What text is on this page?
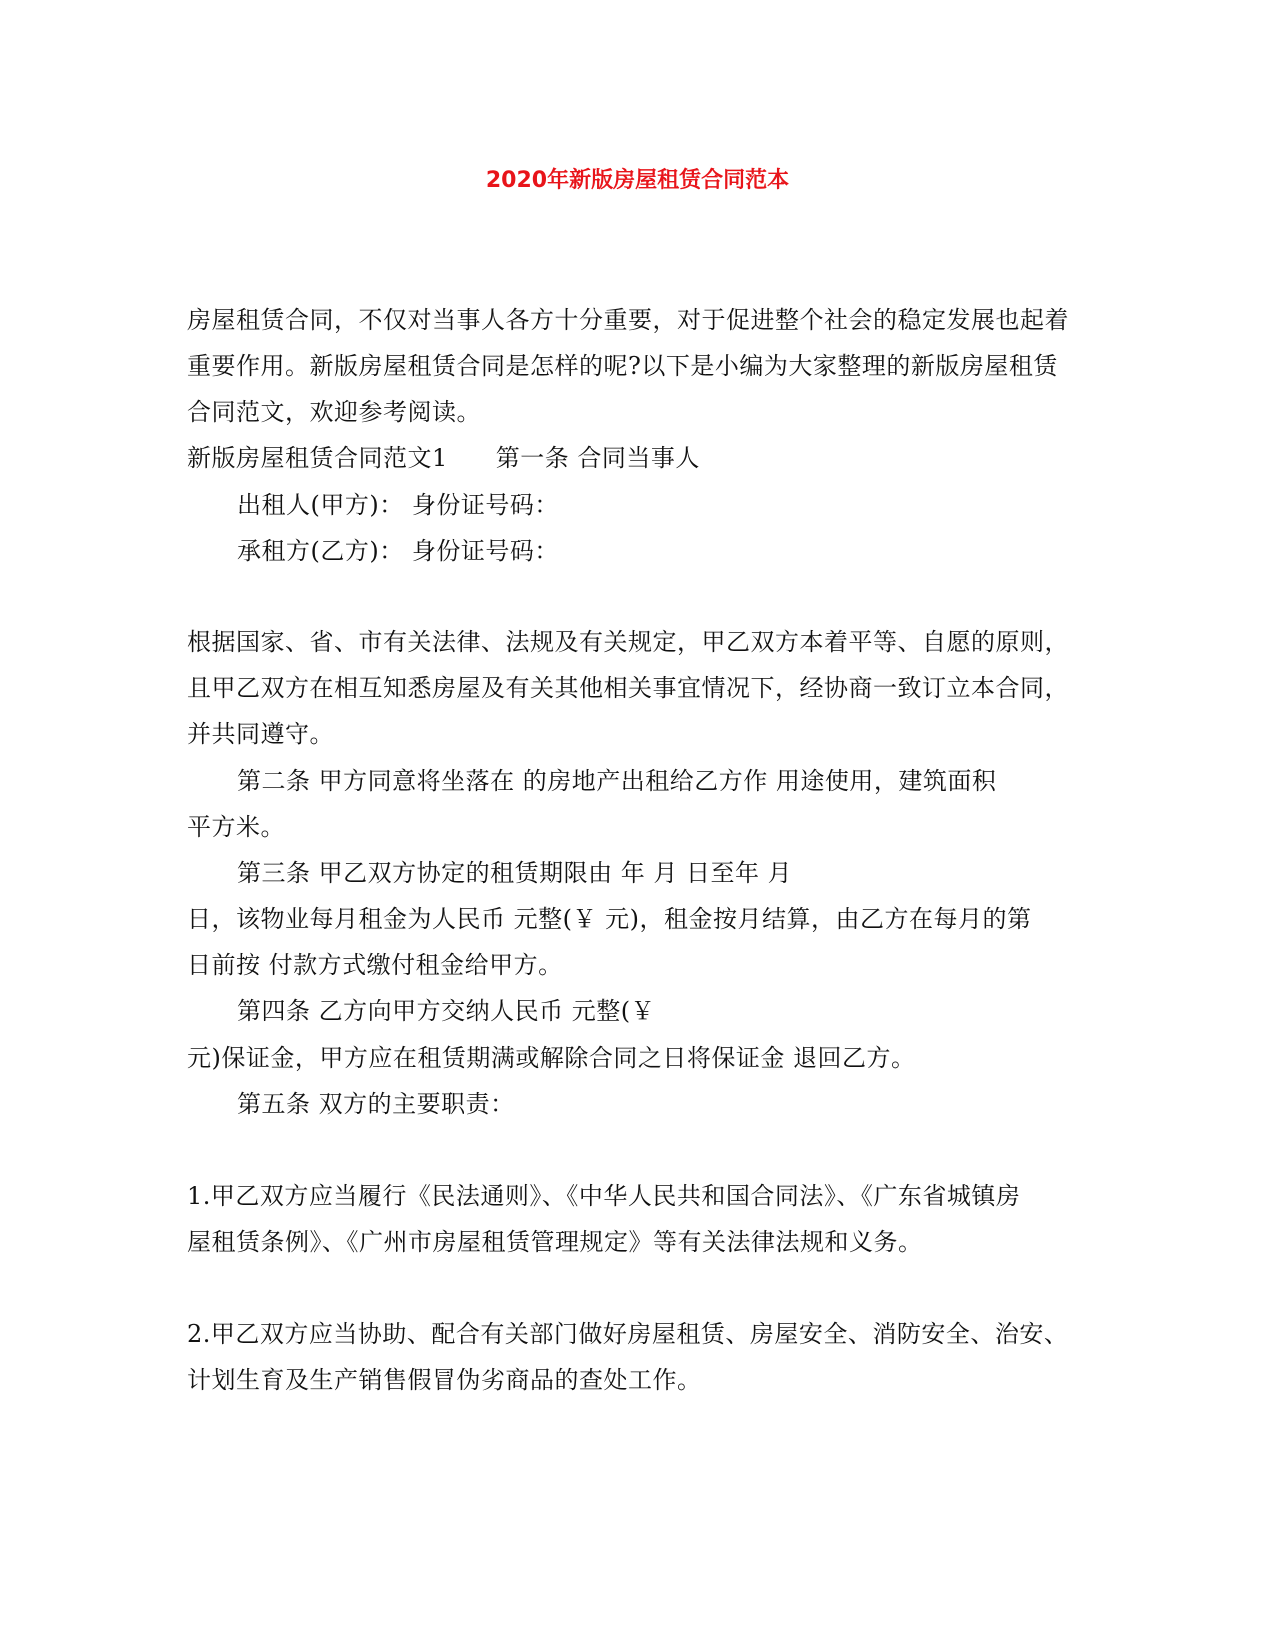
2020年新版房屋租赁合同范本
房屋租赁合同，不仅对当事人各方十分重要，对于促进整个社会的稳定发展也起着
重要作用。新版房屋租赁合同是怎样的呢?以下是小编为大家整理的新版房屋租赁
合同范文，欢迎参考阅读。
新版房屋租赁合同范文1 第一条 合同当事人
出租人(甲方)： 身份证号码：
承租方(乙方)： 身份证号码：
根据国家、省、市有关法律、法规及有关规定，甲乙双方本着平等、自愿的原则，
且甲乙双方在相互知悉房屋及有关其他相关事宜情况下，经协商一致订立本合同，
并共同遵守。
第二条 甲方同意将坐落在 的房地产出租给乙方作 用途使用，建筑面积
平方米。
第三条 甲乙双方协定的租赁期限由 年 月 日至年 月
日，该物业每月租金为人民币 元整(￥ 元)，租金按月结算，由乙方在每月的第
日前按 付款方式缴付租金给甲方。
第四条 乙方向甲方交纳人民币 元整(￥
元)保证金，甲方应在租赁期满或解除合同之日将保证金 退回乙方。
第五条 双方的主要职责：
1.甲乙双方应当履行《民法通则》、《中华人民共和国合同法》、《广东省城镇房
屋租赁条例》、《广州市房屋租赁管理规定》等有关法律法规和义务。
2.甲乙双方应当协助、配合有关部门做好房屋租赁、房屋安全、消防安全、治安、
计划生育及生产销售假冒伪劣商品的查处工作。
